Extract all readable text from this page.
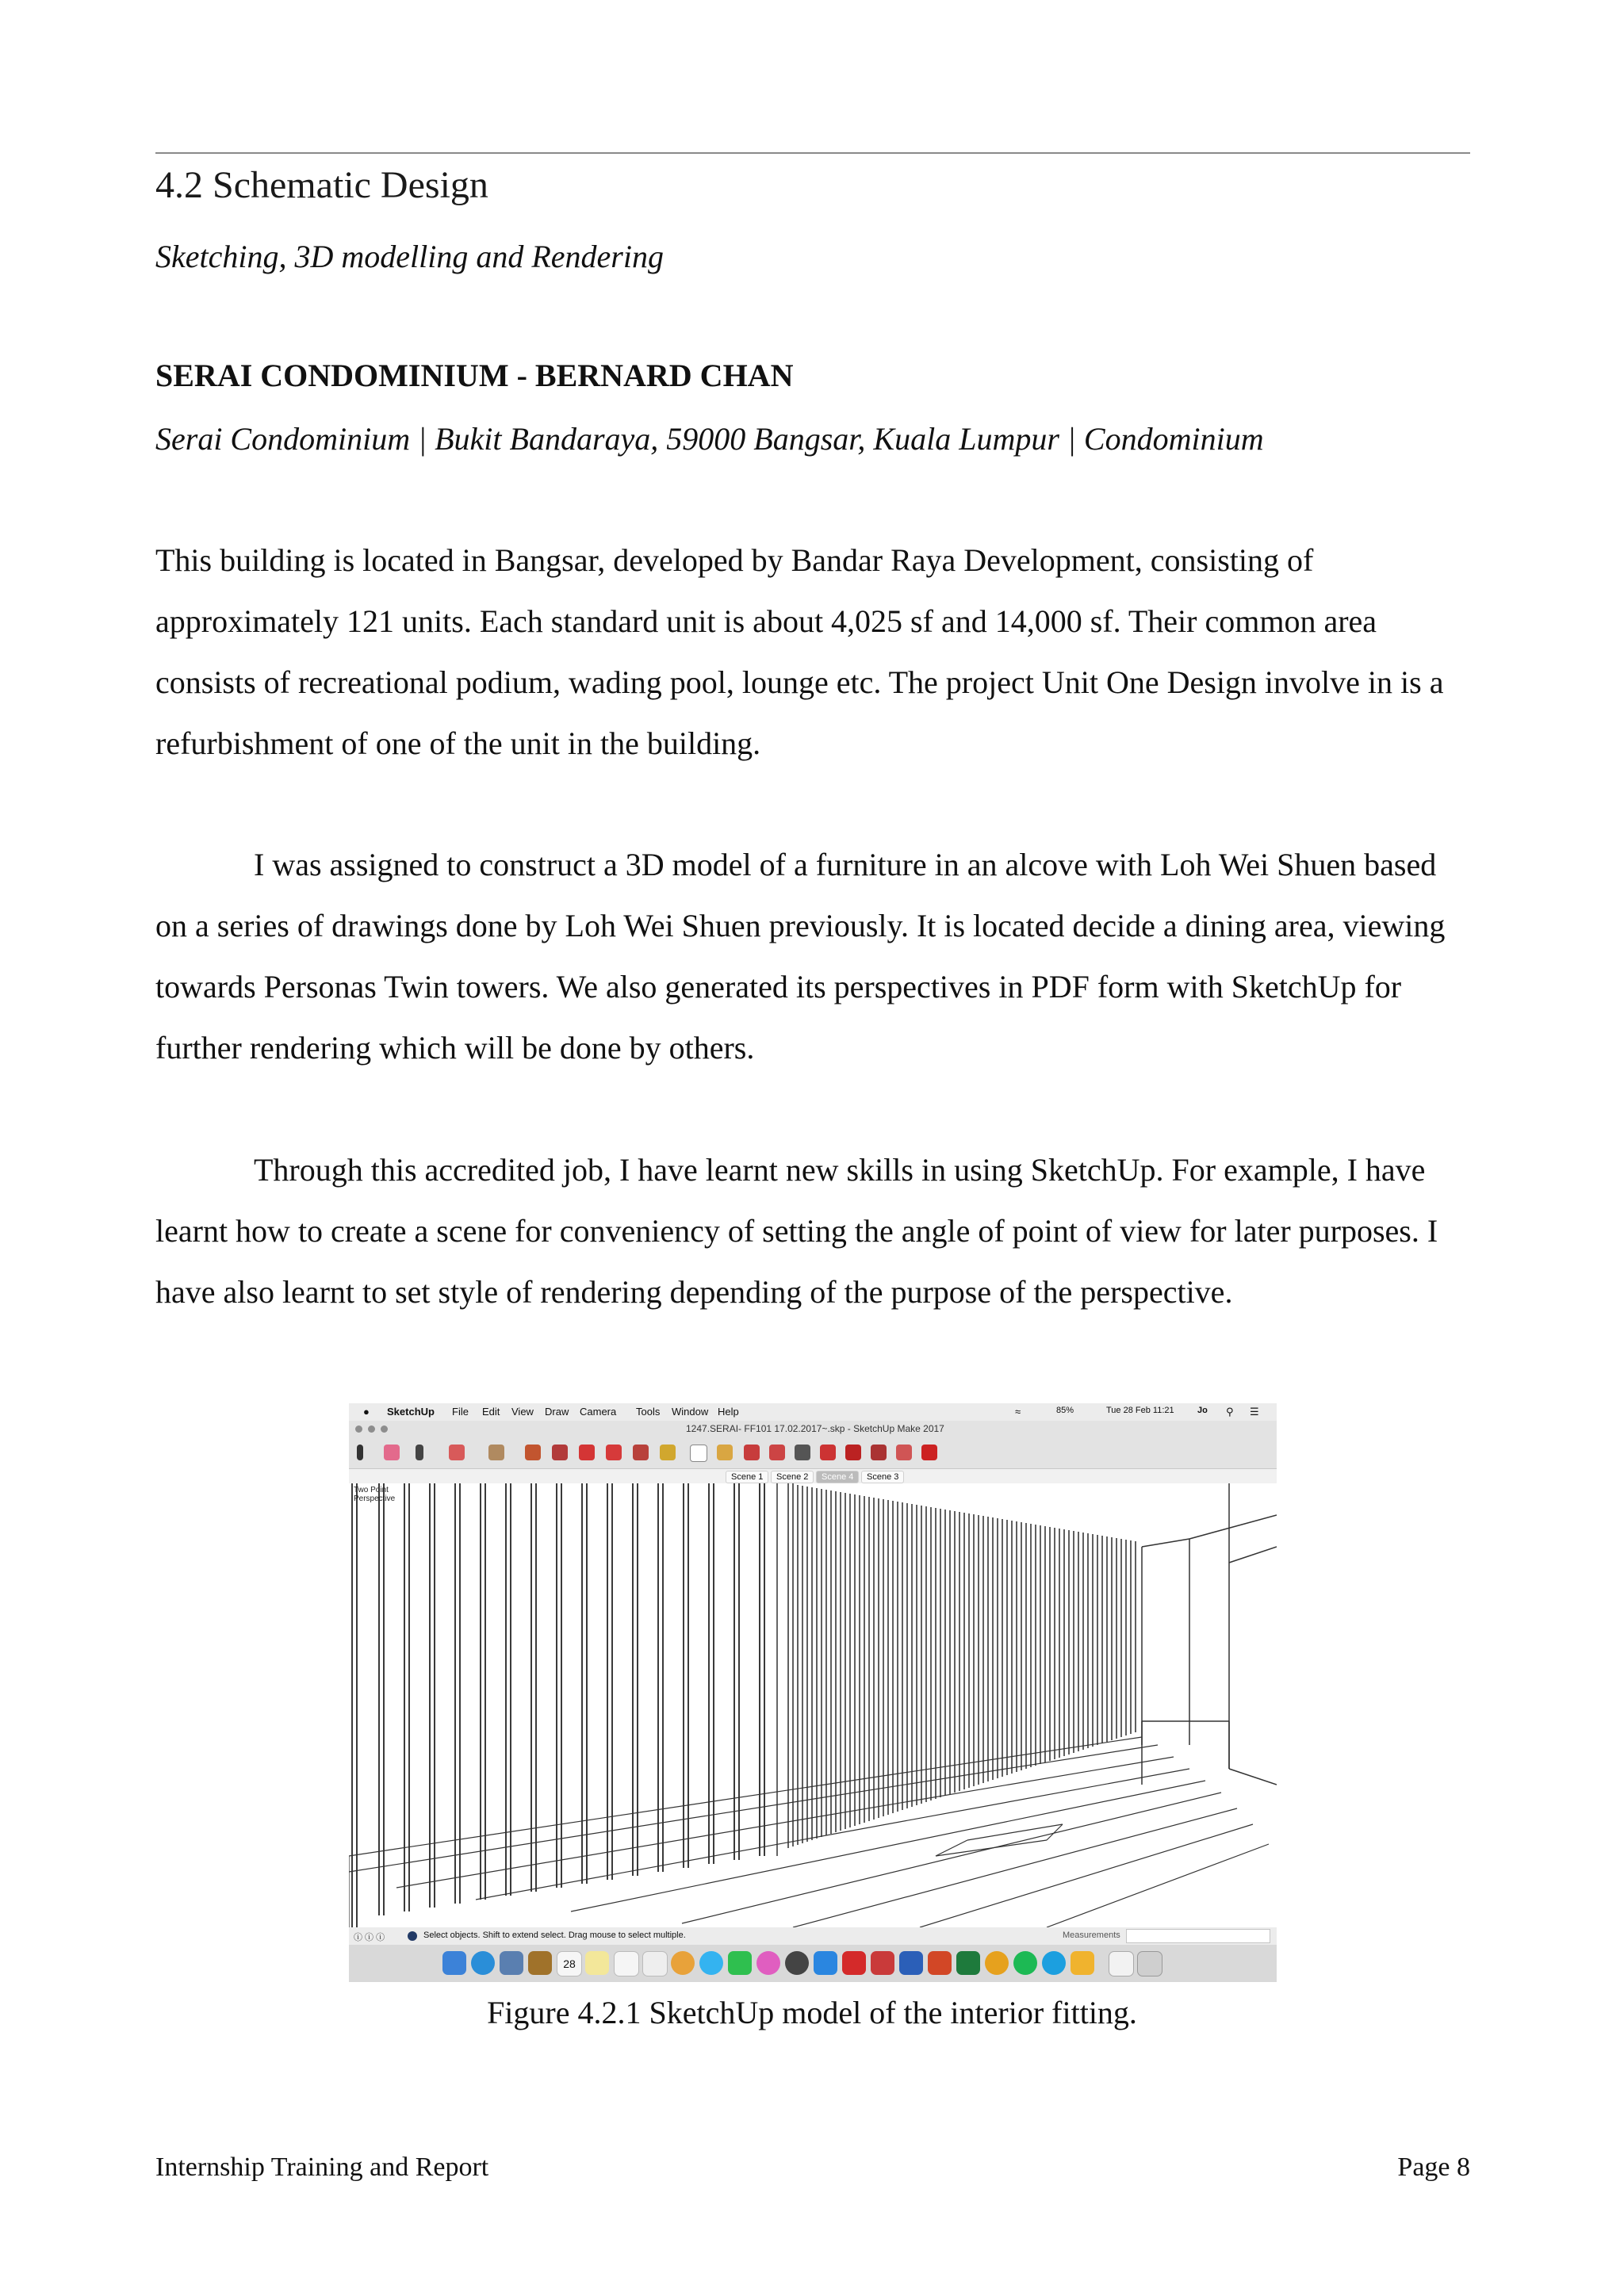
4.2 Schematic Design
Sketching, 3D modelling and Rendering
SERAI CONDOMINIUM - BERNARD CHAN
Serai Condominium | Bukit Bandaraya, 59000 Bangsar, Kuala Lumpur | Condominium
This building is located in Bangsar, developed by Bandar Raya Development, consisting of approximately 121 units. Each standard unit is about 4,025 sf and 14,000 sf. Their common area consists of recreational podium, wading pool, lounge etc. The project Unit One Design involve in is a refurbishment of one of the unit in the building.
I was assigned to construct a 3D model of a furniture in an alcove with Loh Wei Shuen based on a series of drawings done by Loh Wei Shuen previously. It is located decide a dining area, viewing towards Personas Twin towers. We also generated its perspectives in PDF form with SketchUp for further rendering which will be done by others.
Through this accredited job, I have learnt new skills in using SketchUp. For example, I have learnt how to create a scene for conveniency of setting the angle of point of view for later purposes. I have also learnt to set style of rendering depending of the purpose of the perspective.
● SketchUp File Edit View Draw Camera Tools Window Help	≈	85%	Tue 28 Feb 11:21	Jo ⚲ ☰
1247.SERAI- FF101 17.02.2017~.skp - SketchUp Make 2017
Scene 1	Scene 2	Scene 4	Scene 3
Two Point Perspective
ⓘ ⓘ ⓘ	Select objects. Shift to extend select. Drag mouse to select multiple.	Measurements
28
Figure 4.2.1 SketchUp model of the interior fitting.
Internship Training and Report	Page 8
